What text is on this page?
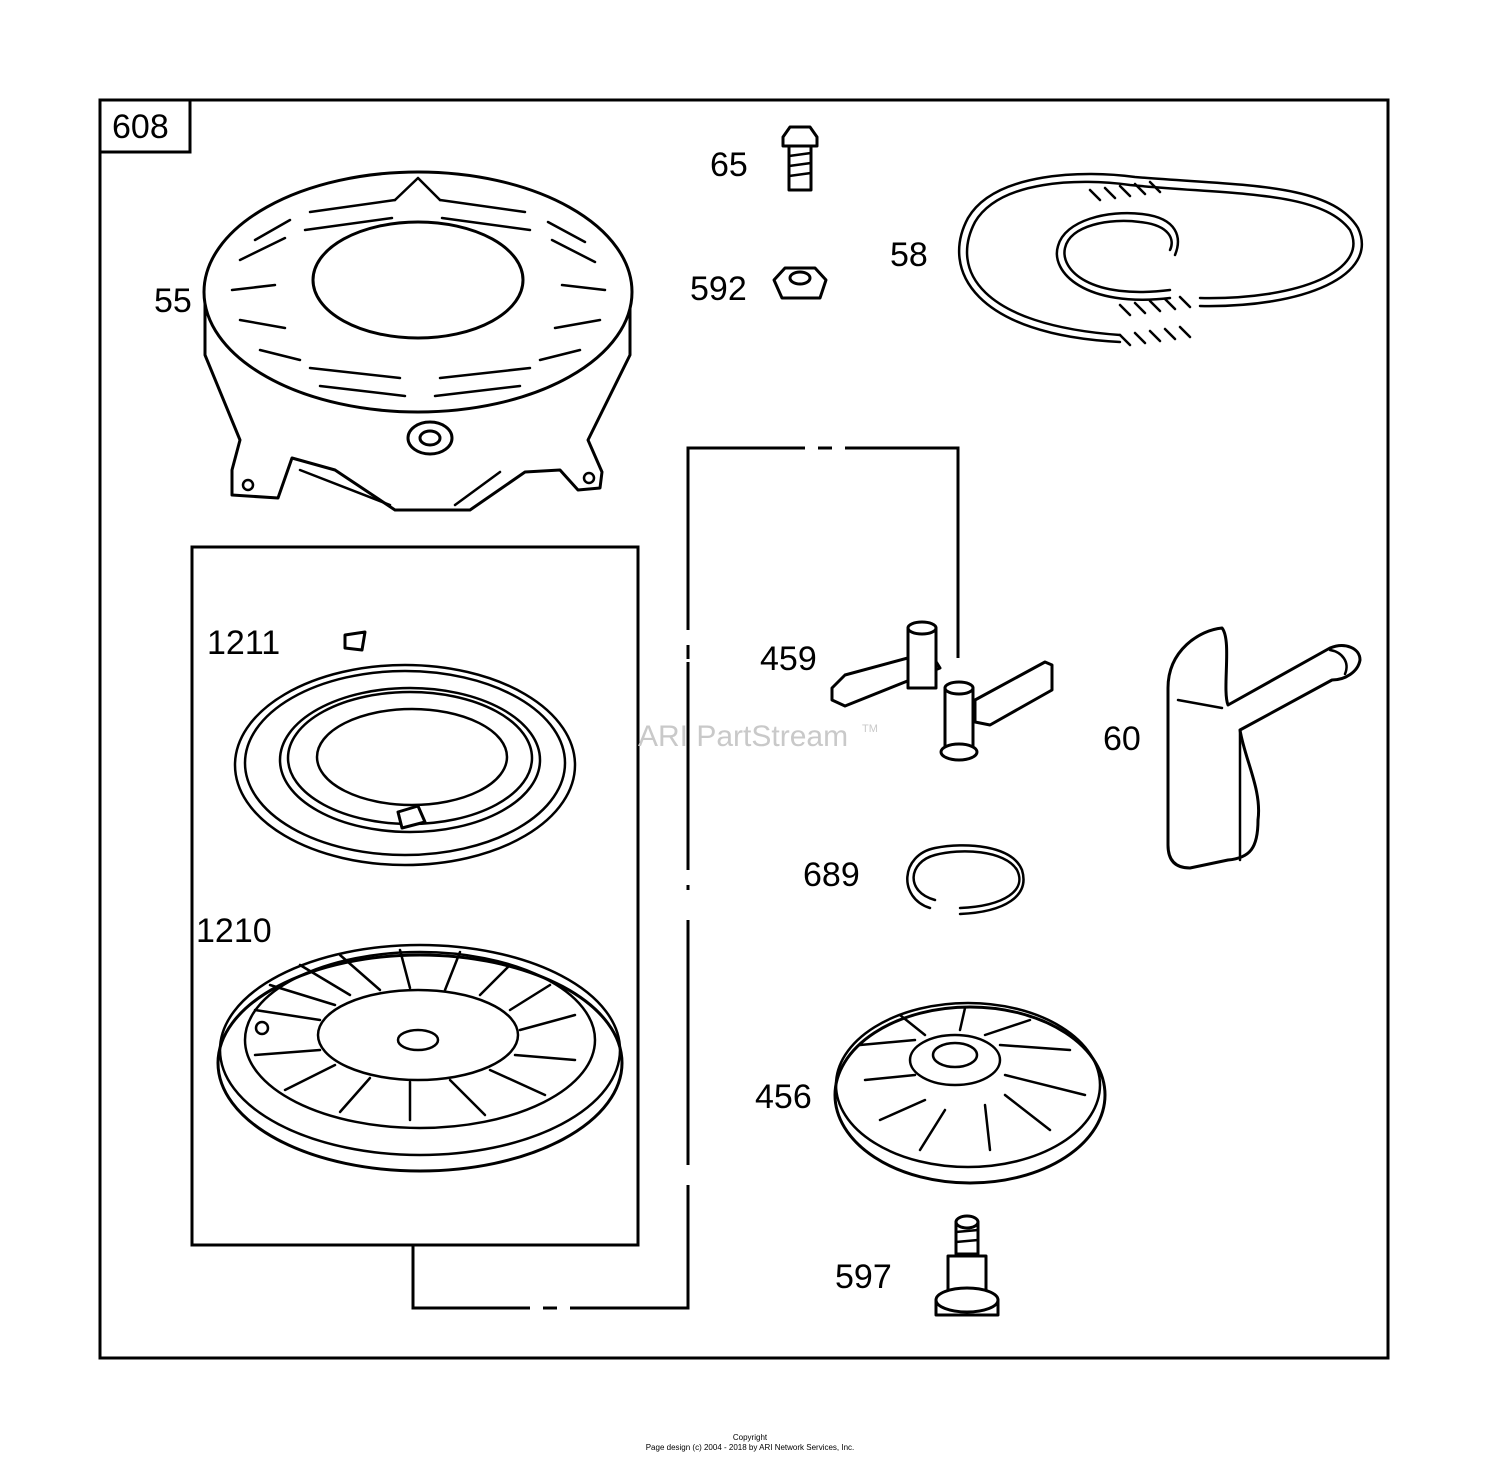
608
55
65
592
58
1211
1210
459
60
689
456
597
ARI PartStream TM
Copyright
Page design (c) 2004 - 2018 by ARI Network Services, Inc.
